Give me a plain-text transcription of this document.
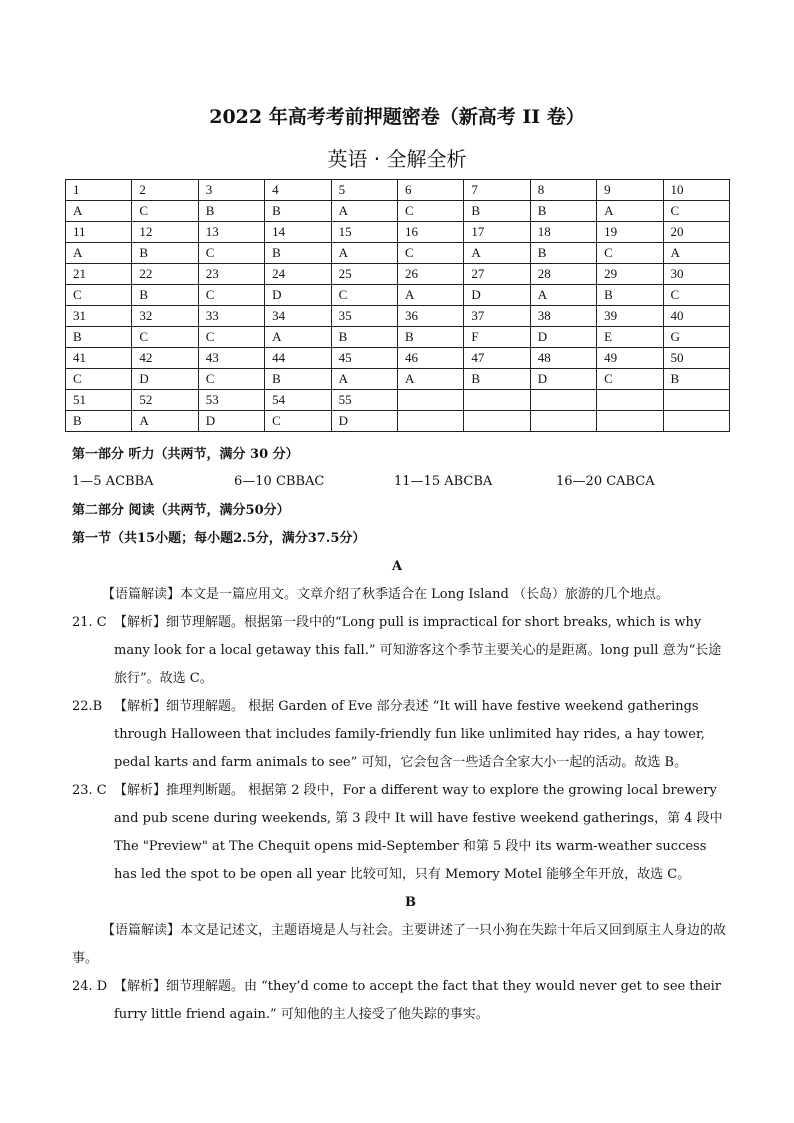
2022 年高考考前押题密卷（新高考 II 卷）
英语 · 全解全析
1	2	3	4	5	6	7	8	9	10
A	C	B	B	A	C	B	B	A	C
11	12	13	14	15	16	17	18	19	20
A	B	C	B	A	C	A	B	C	A
21	22	23	24	25	26	27	28	29	30
C	B	C	D	C	A	D	A	B	C
31	32	33	34	35	36	37	38	39	40
B	C	C	A	B	B	F	D	E	G
41	42	43	44	45	46	47	48	49	50
C	D	C	B	A	A	B	D	C	B
51	52	53	54	55					
B	A	D	C	D					
第一部分 听力（共两节，满分 30 分）
1—5 ACBBA	6—10 CBBAC	11—15 ABCBA	16—20 CABCA
第二部分 阅读（共两节，满分50分）
第一节（共15小题；每小题2.5分，满分37.5分）
A
【语篇解读】本文是一篇应用文。文章介绍了秋季适合在 Long Island （长岛）旅游的几个地点。
21. C 【解析】细节理解题。根据第一段中的“Long pull is impractical for short breaks, which is why many look for a local getaway this fall.” 可知游客这个季节主要关心的是距离。long pull 意为“长途旅行”。故选 C。
22.B 【解析】细节理解题。 根据 Garden of Eve 部分表述 “It will have festive weekend gatherings through Halloween that includes family-friendly fun like unlimited hay rides, a hay tower, pedal karts and farm animals to see” 可知，它会包含一些适合全家大小一起的活动。故选 B。
23. C 【解析】推理判断题。 根据第 2 段中，For a different way to explore the growing local brewery and pub scene during weekends, 第 3 段中 It will have festive weekend gatherings，第 4 段中 The "Preview" at The Chequit opens mid-September 和第 5 段中 its warm-weather success has led the spot to be open all year 比较可知，只有 Memory Motel 能够全年开放，故选 C。
B
【语篇解读】本文是记述文，主题语境是人与社会。主要讲述了一只小狗在失踪十年后又回到原主人身边的故事。
24. D 【解析】细节理解题。由 “they’d come to accept the fact that they would never get to see their furry little friend again.” 可知他的主人接受了他失踪的事实。
